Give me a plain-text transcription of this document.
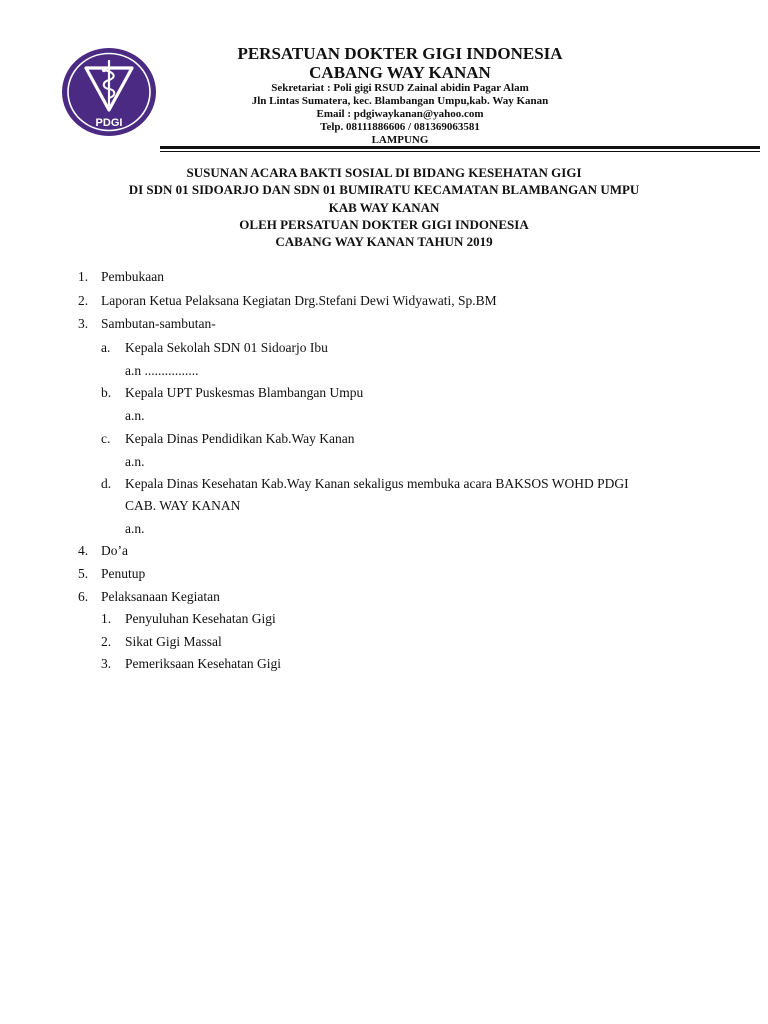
PDGI
PERSATUAN DOKTER GIGI INDONESIA
CABANG WAY KANAN
Sekretariat : Poli gigi RSUD Zainal abidin Pagar Alam
Jln Lintas Sumatera, kec. Blambangan Umpu,kab. Way Kanan
Email : pdgiwaykanan@yahoo.com
Telp. 08111886606 / 081369063581
LAMPUNG
SUSUNAN ACARA BAKTI SOSIAL DI BIDANG KESEHATAN GIGI
DI SDN 01 SIDOARJO DAN SDN 01 BUMIRATU KECAMATAN BLAMBANGAN UMPU
KAB WAY KANAN
OLEH PERSATUAN DOKTER GIGI INDONESIA
CABANG WAY KANAN TAHUN 2019
1. Pembukaan
2. Laporan Ketua Pelaksana Kegiatan Drg.Stefani Dewi Widyawati, Sp.BM
3. Sambutan-sambutan-
a. Kepala Sekolah SDN 01 Sidoarjo Ibu
a.n ................
b. Kepala UPT Puskesmas Blambangan Umpu
a.n.
c. Kepala Dinas Pendidikan Kab.Way Kanan
a.n.
d. Kepala Dinas Kesehatan Kab.Way Kanan sekaligus membuka acara BAKSOS WOHD PDGI
CAB. WAY KANAN
a.n.
4. Do’a
5. Penutup
6. Pelaksanaan Kegiatan
1. Penyuluhan Kesehatan Gigi
2. Sikat Gigi Massal
3. Pemeriksaan Kesehatan Gigi
